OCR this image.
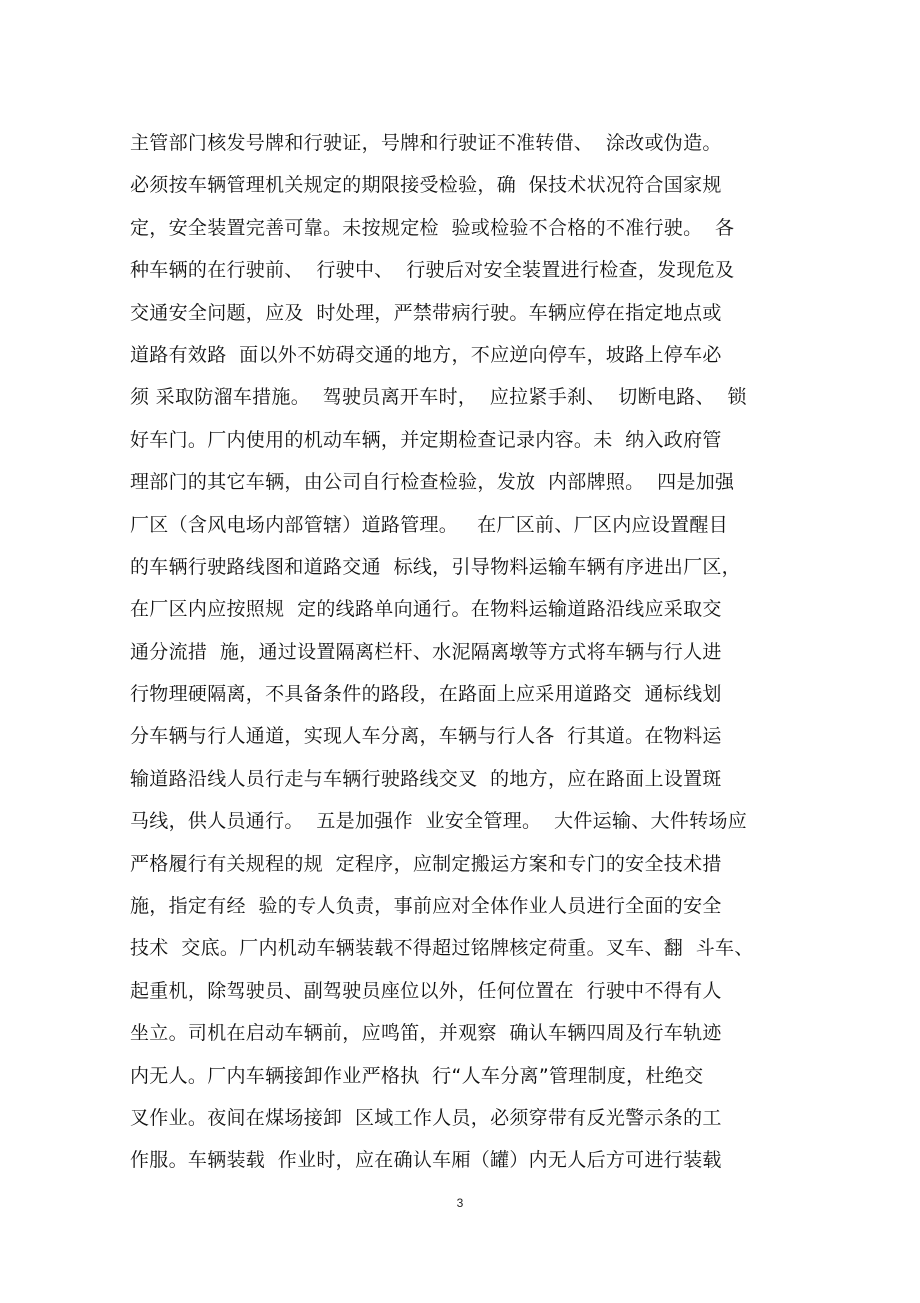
主管部门核发号牌和行驶证，号牌和行驶证不准转借、  涂改或伪造。
必须按车辆管理机关规定的期限接受检验，确  保技术状况符合国家规
定，安全装置完善可靠。未按规定检  验或检验不合格的不准行驶。  各
种车辆的在行驶前、  行驶中、  行驶后对安全装置进行检查，发现危及
交通安全问题，应及  时处理，严禁带病行驶。车辆应停在指定地点或
道路有效路  面以外不妨碍交通的地方，不应逆向停车，坡路上停车必
须 采取防溜车措施。  驾驶员离开车时，  应拉紧手刹、  切断电路、  锁
好车门。厂内使用的机动车辆，并定期检查记录内容。未  纳入政府管
理部门的其它车辆，由公司自行检查检验，发放  内部牌照。  四是加强
厂区（含风电场内部管辖）道路管理。   在厂区前、厂区内应设置醒目
的车辆行驶路线图和道路交通  标线，引导物料运输车辆有序进出厂区，
在厂区内应按照规  定的线路单向通行。在物料运输道路沿线应采取交
通分流措  施，通过设置隔离栏杆、水泥隔离墩等方式将车辆与行人进
行物理硬隔离，不具备条件的路段，在路面上应采用道路交  通标线划
分车辆与行人通道，实现人车分离，车辆与行人各  行其道。在物料运
输道路沿线人员行走与车辆行驶路线交叉  的地方，应在路面上设置斑
马线，供人员通行。  五是加强作  业安全管理。  大件运输、大件转场应
严格履行有关规程的规  定程序，应制定搬运方案和专门的安全技术措
施，指定有经  验的专人负责，事前应对全体作业人员进行全面的安全
技术  交底。厂内机动车辆装载不得超过铭牌核定荷重。叉车、翻  斗车、
起重机，除驾驶员、副驾驶员座位以外，任何位置在  行驶中不得有人
坐立。司机在启动车辆前，应鸣笛，并观察  确认车辆四周及行车轨迹
内无人。厂内车辆接卸作业严格执  行“人车分离”管理制度，杜绝交
叉作业。夜间在煤场接卸  区域工作人员，必须穿带有反光警示条的工
作服。车辆装载  作业时，应在确认车厢（罐）内无人后方可进行装载
3
